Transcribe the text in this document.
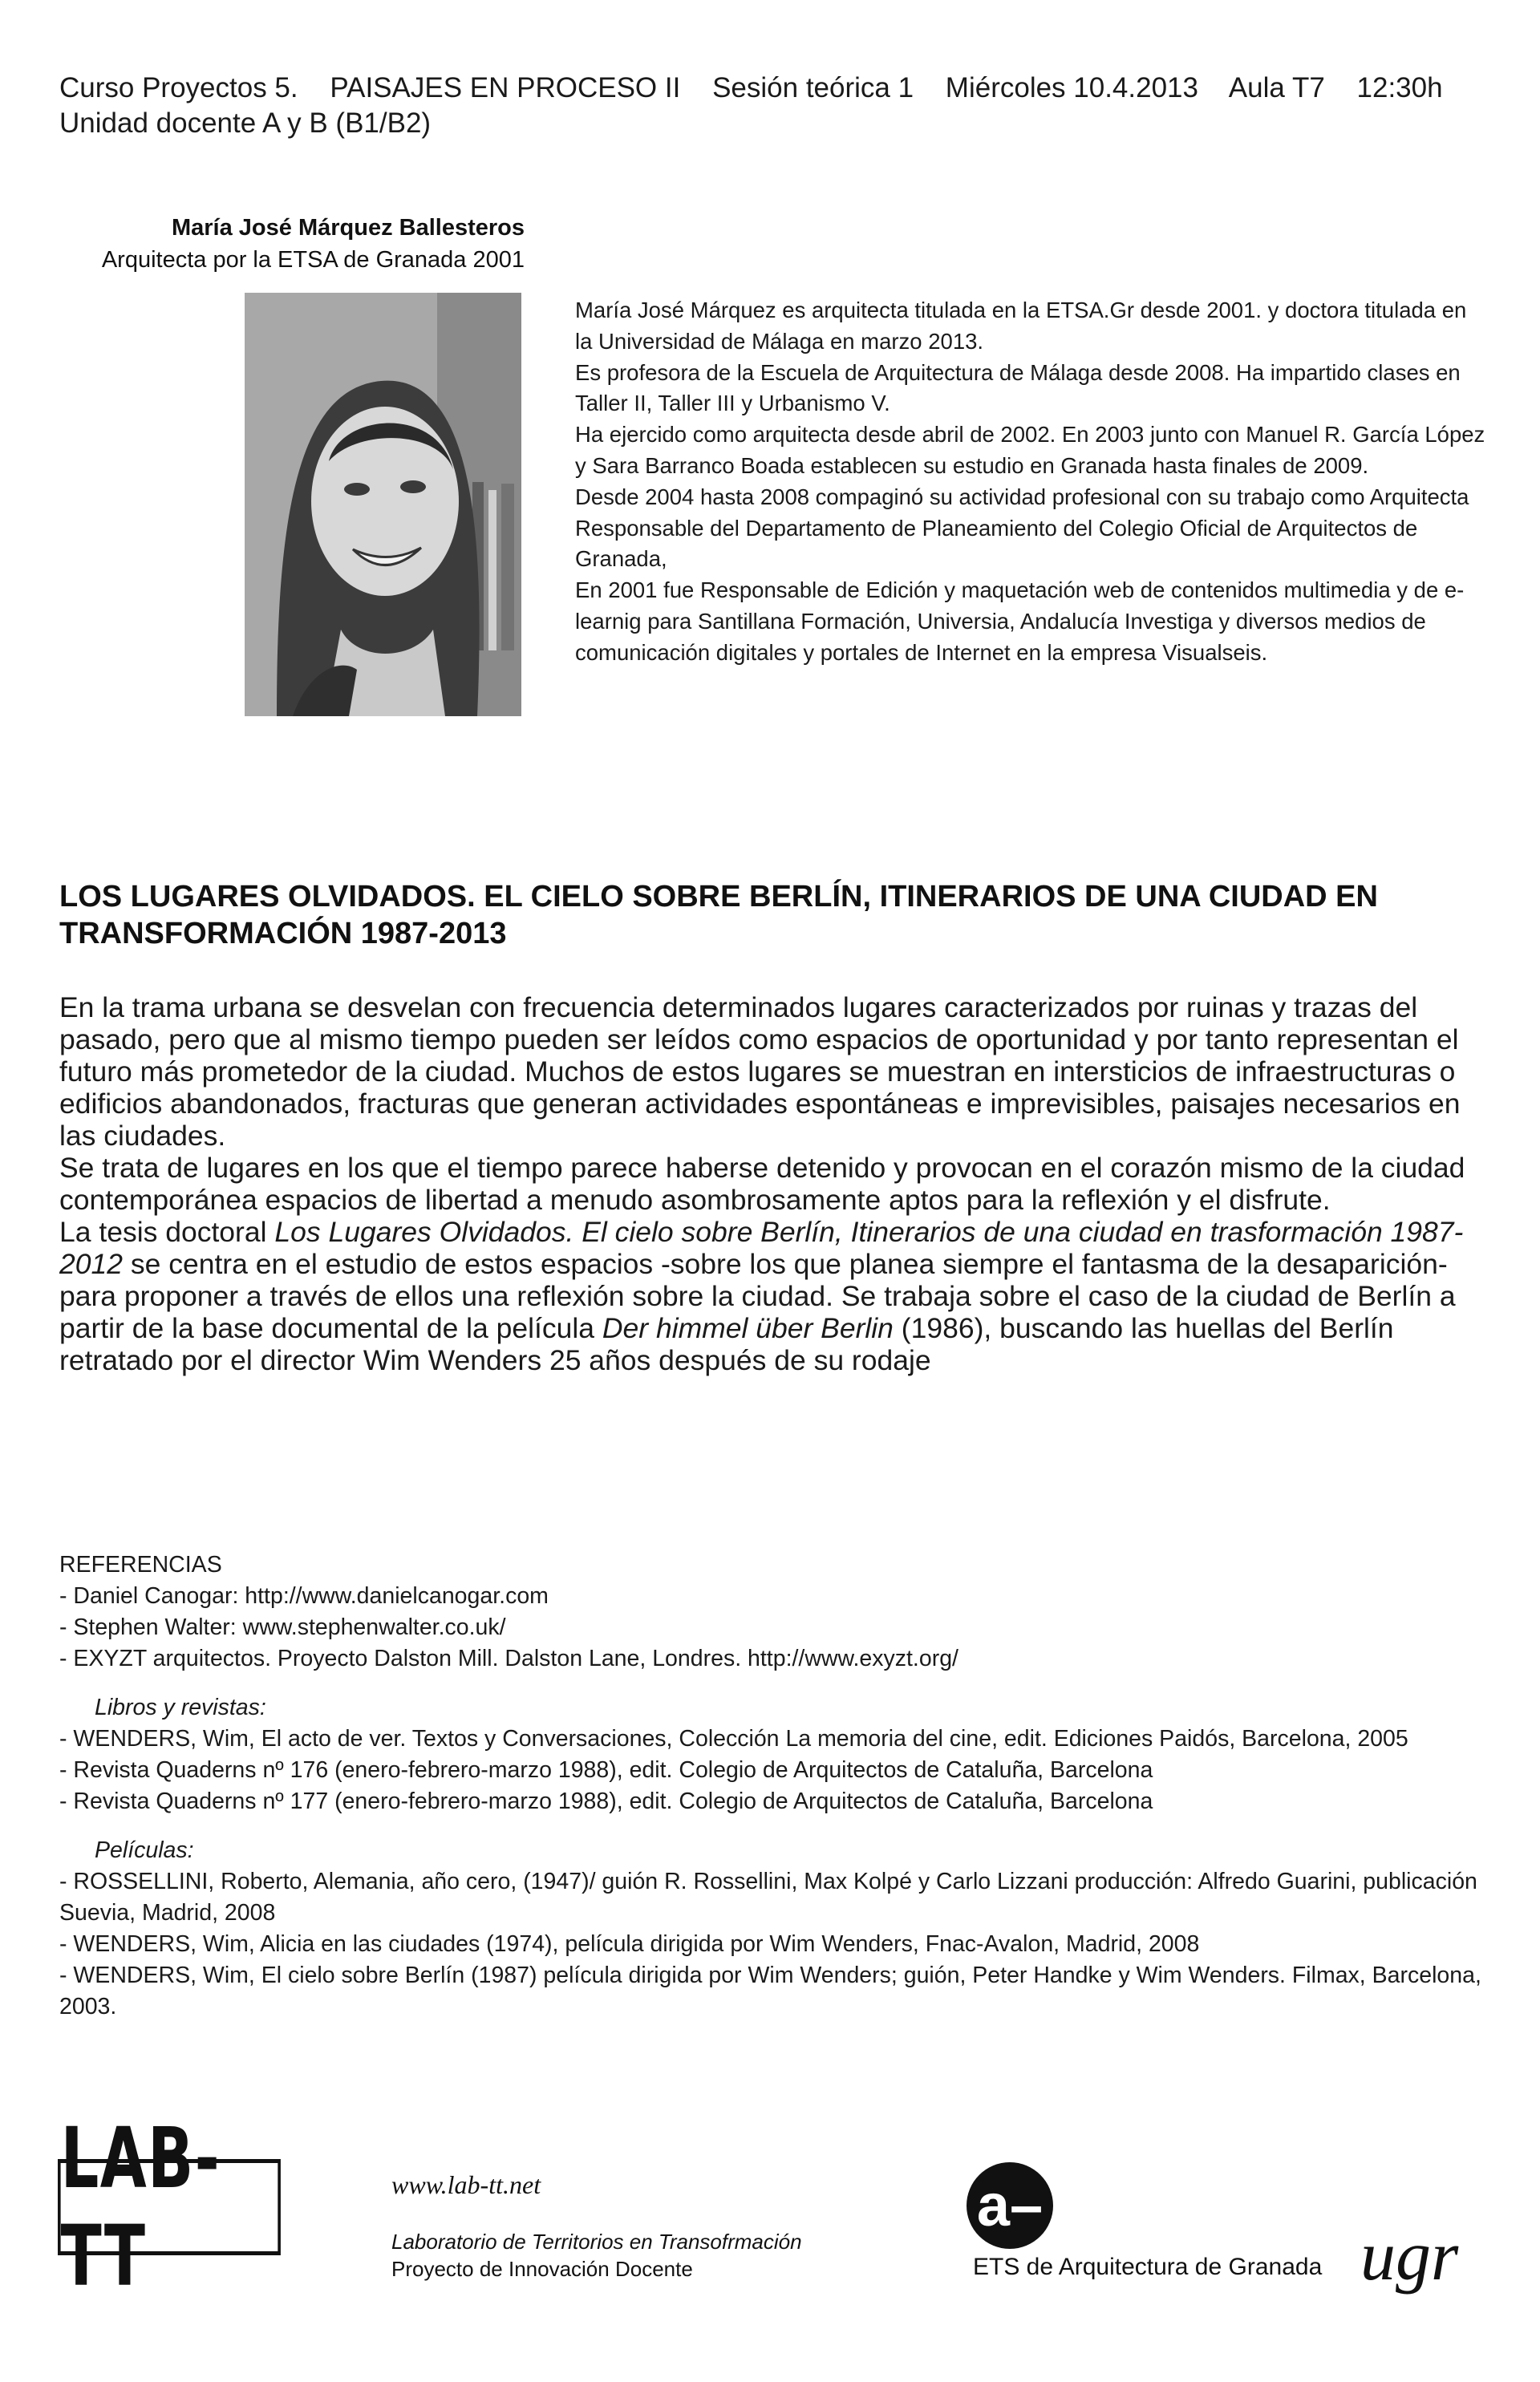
Curso Proyectos 5. PAISAJES EN PROCESO II Sesión teórica 1 Miércoles 10.4.2013 Aula T7 12:30h
Unidad docente A y B (B1/B2)
María José Márquez Ballesteros
Arquitecta por la ETSA de Granada 2001

María José Márquez es arquitecta titulada en la ETSA.Gr desde 2001. y doctora titulada en la Universidad de Málaga en marzo 2013.

Es profesora de la Escuela de Arquitectura de Málaga desde 2008. Ha impartido clases en Taller II, Taller III y Urbanismo V.

Ha ejercido como arquitecta desde abril de 2002. En 2003 junto con Manuel R. García López y Sara Barranco Boada establecen su estudio en Granada hasta finales de 2009.

Desde 2004 hasta 2008 compaginó su actividad profesional con su trabajo como Arquitecta Responsable del Departamento de Planeamiento del Colegio Oficial de Arquitectos de Granada,

En 2001 fue Responsable de Edición y maquetación web de contenidos multimedia y de e-learnig para Santillana Formación, Universia, Andalucía Investiga y diversos medios de comunicación digitales y portales de Internet en la empresa Visualseis.

LOS LUGARES OLVIDADOS. EL CIELO SOBRE BERLÍN, ITINERARIOS DE UNA CIUDAD EN TRANSFORMACIÓN 1987-2013

En la trama urbana se desvelan con frecuencia determinados lugares caracterizados por ruinas y trazas del pasado, pero que al mismo tiempo pueden ser leídos como espacios de oportunidad y por tanto representan el futuro más prometedor de la ciudad. Muchos de estos lugares se muestran en intersticios de infraestructuras o edificios abandonados, fracturas que generan actividades espontáneas e imprevisibles, paisajes necesarios en las ciudades.

Se trata de lugares en los que el tiempo parece haberse detenido y provocan en el corazón mismo de la ciudad contemporánea espacios de libertad a menudo asombrosamente aptos para la reflexión y el disfrute.

La tesis doctoral Los Lugares Olvidados. El cielo sobre Berlín, Itinerarios de una ciudad en trasformación 1987-2012 se centra en el estudio de estos espacios -sobre los que planea siempre el fantasma de la desaparición- para proponer a través de ellos una reflexión sobre la ciudad. Se trabaja sobre el caso de la ciudad de Berlín a partir de la base documental de la película Der himmel über Berlin (1986), buscando las huellas del Berlín retratado por el director Wim Wenders 25 años después de su rodaje

REFERENCIAS

- Daniel Canogar: http://www.danielcanogar.com

- Stephen Walter: www.stephenwalter.co.uk/

- EXYZT arquitectos. Proyecto Dalston Mill. Dalston Lane, Londres. http://www.exyzt.org/

Libros y revistas:

- WENDERS, Wim, El acto de ver. Textos y Conversaciones, Colección La memoria del cine, edit. Ediciones Paidós, Barcelona, 2005

- Revista Quaderns nº 176 (enero-febrero-marzo 1988), edit. Colegio de Arquitectos de Cataluña, Barcelona

- Revista Quaderns nº 177 (enero-febrero-marzo 1988), edit. Colegio de Arquitectos de Cataluña, Barcelona

Películas:

- ROSSELLINI, Roberto, Alemania, año cero, (1947)/ guión R. Rossellini, Max Kolpé y Carlo Lizzani producción: Alfredo Guarini, publicación Suevia, Madrid, 2008

- WENDERS, Wim, Alicia en las ciudades (1974), película dirigida por Wim Wenders, Fnac-Avalon, Madrid, 2008

- WENDERS, Wim, El cielo sobre Berlín (1987) película dirigida por Wim Wenders; guión, Peter Handke y Wim Wenders. Filmax, Barcelona, 2003.

LAB-TT
www.lab-tt.net
Laboratorio de Territorios en Transofrmación
Proyecto de Innovación Docente
a–
ETS de Arquitectura de Granada ugr
